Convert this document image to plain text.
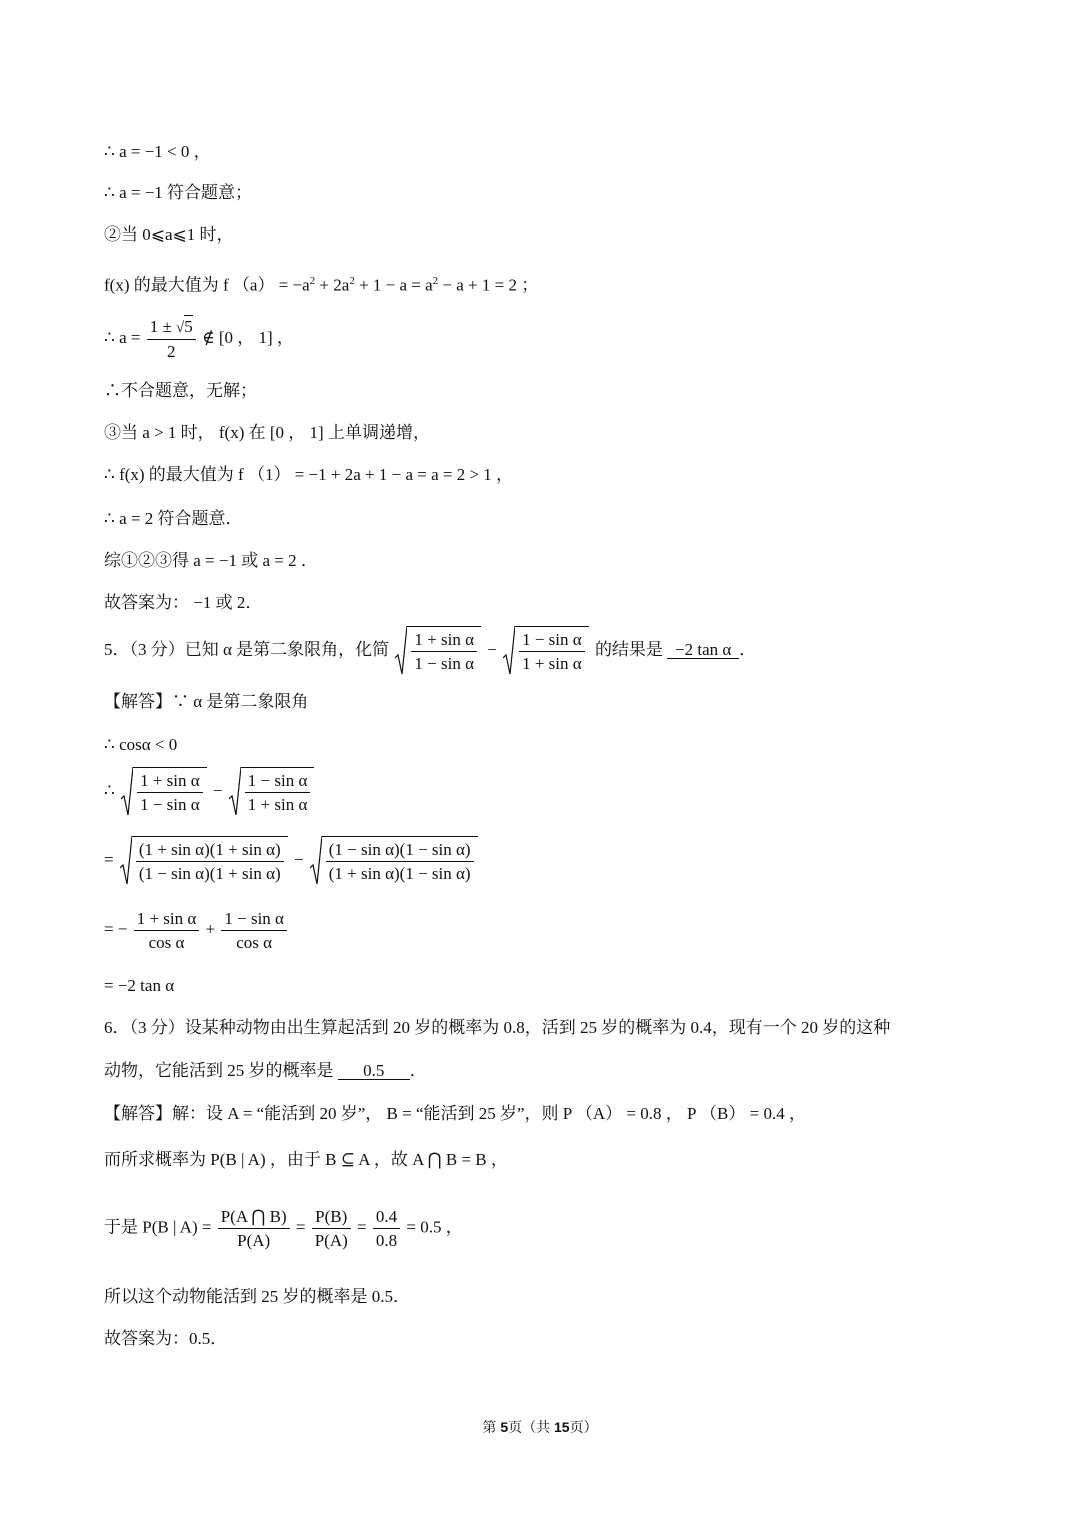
∴ a = −1 < 0 ，
∴ a = −1 符合题意；
②当 0⩽a⩽1 时，
f(x) 的最大值为 f $(a) = -a^2 + 2a^2 + 1 - a = a^2 - a + 1 = 2$ ；
∴ $a = \frac{1 \pm √5}{2}$ ∉ [0 ， 1] ，
∴不合题意，无解；
③当 a > 1 时， f(x) 在 [0 ， 1] 上单调递增，
∴ f(x) 的最大值为 f （1） = −1 + 2a + 1 − a = a = 2 > 1 ，
∴ a = 2 符合题意．
综①②③得 a = −1 或 a = 2 ．
故答案为： −1 或 2．
5．（3 分）已知 α 是第二象限角，化简 $\frac{\text{1 + sin α}}{\text{1 − sin α}} - \frac{\text{1 − sin α}}{\text{1 + sin α}}$ 的结果是 −2 tan α ．
【解答】∵ α 是第二象限角
∴ cosα < 0
∴ $\frac{\text{1 + sin α}}{\text{1 − sin α}} - \frac{\text{1 − sin α}}{\text{1 + sin α}}$
= $\frac{\text{(1 + sin α)(1 + sin α)}}{\text{(1 − sin α)(1 + sin α)}} - \frac{\text{(1 − sin α)(1 − sin α)}}{\text{(1 + sin α)(1 − sin α)}}$
= − $\frac{\text{1 + sin α}}{\text{cos α}} + \frac{\text{1 − sin α}}{\text{cos α}}$
= −2 tan α
6．（3 分）设某种动物由出生算起活到 20 岁的概率为 0.8，活到 25 岁的概率为 0.4，现有一个 20 岁的这种
动物，它能活到 25 岁的概率是 0.5 ．
【解答】解：设 A = “能活到 20 岁”， B = “能活到 25 岁”，则 P （A） = 0.8 ， P （B） = 0.4 ，
而所求概率为 P(B | A) ，由于 B ⊆ A ，故 A ⋂ B = B ，
于是 P(B | $A) = \frac{P(A ⋂ B)}{P(A)} = \frac{P(B)}{P(A)} = \frac{0.4}{0.8} = 0.5$ ，
所以这个动物能活到 25 岁的概率是 0.5．
故答案为：0.5．
第 5页（共 15页）
